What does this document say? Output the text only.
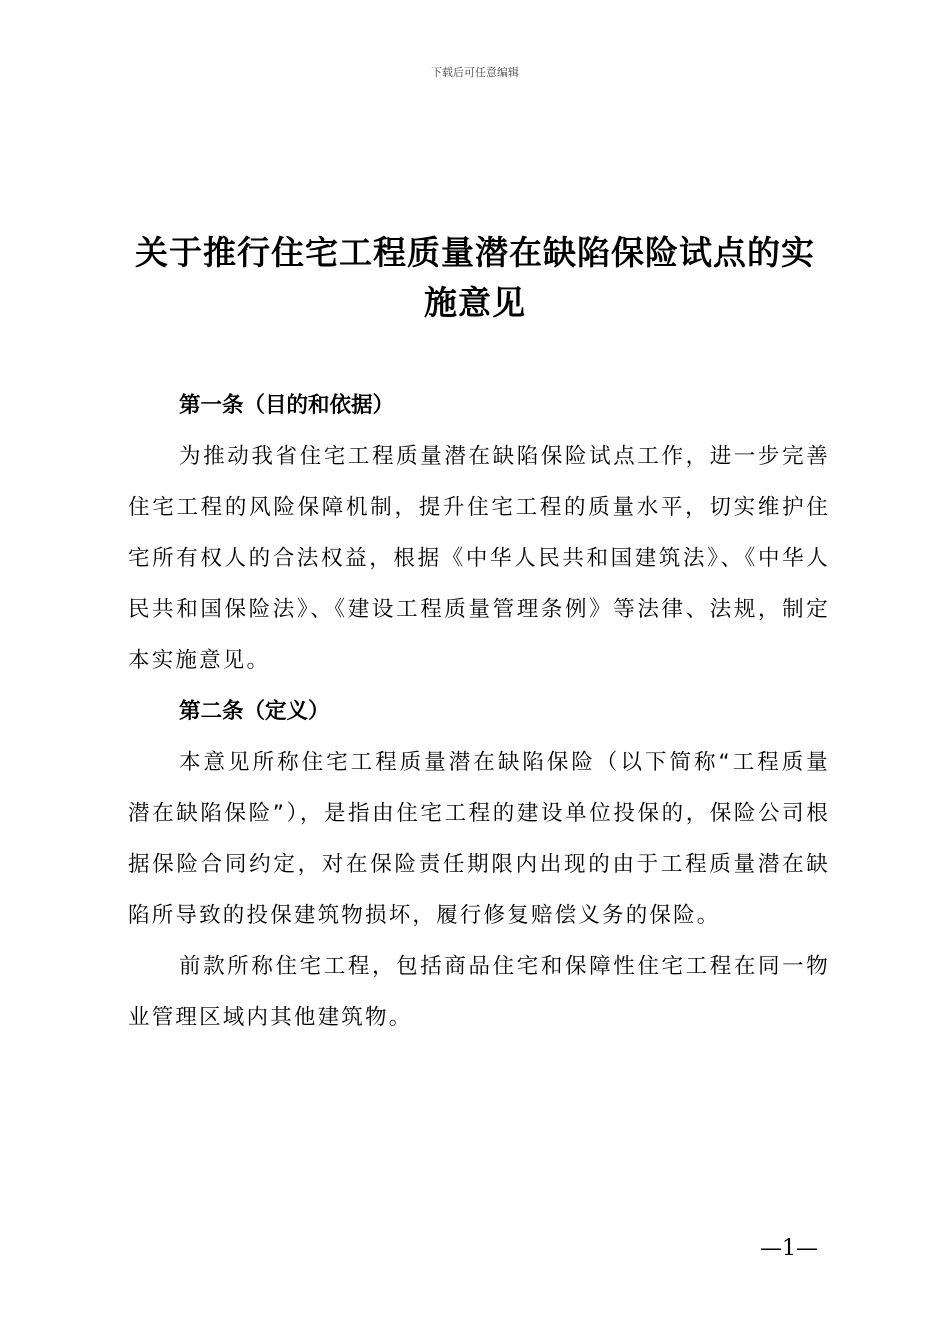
下载后可任意编辑
关于推行住宅工程质量潜在缺陷保险试点的实施意见

第一条（目的和依据）

为推动我省住宅工程质量潜在缺陷保险试点工作，进一步完善住宅工程的风险保障机制，提升住宅工程的质量水平，切实维护住宅所有权人的合法权益，根据《中华人民共和国建筑法》、《中华人民共和国保险法》、《建设工程质量管理条例》等法律、法规，制定本实施意见。

第二条（定义）

本意见所称住宅工程质量潜在缺陷保险（以下简称“工程质量潜在缺陷保险”），是指由住宅工程的建设单位投保的，保险公司根据保险合同约定，对在保险责任期限内出现的由于工程质量潜在缺陷所导致的投保建筑物损坏，履行修复赔偿义务的保险。

前款所称住宅工程，包括商品住宅和保障性住宅工程在同一物业管理区域内其他建筑物。

—1—
